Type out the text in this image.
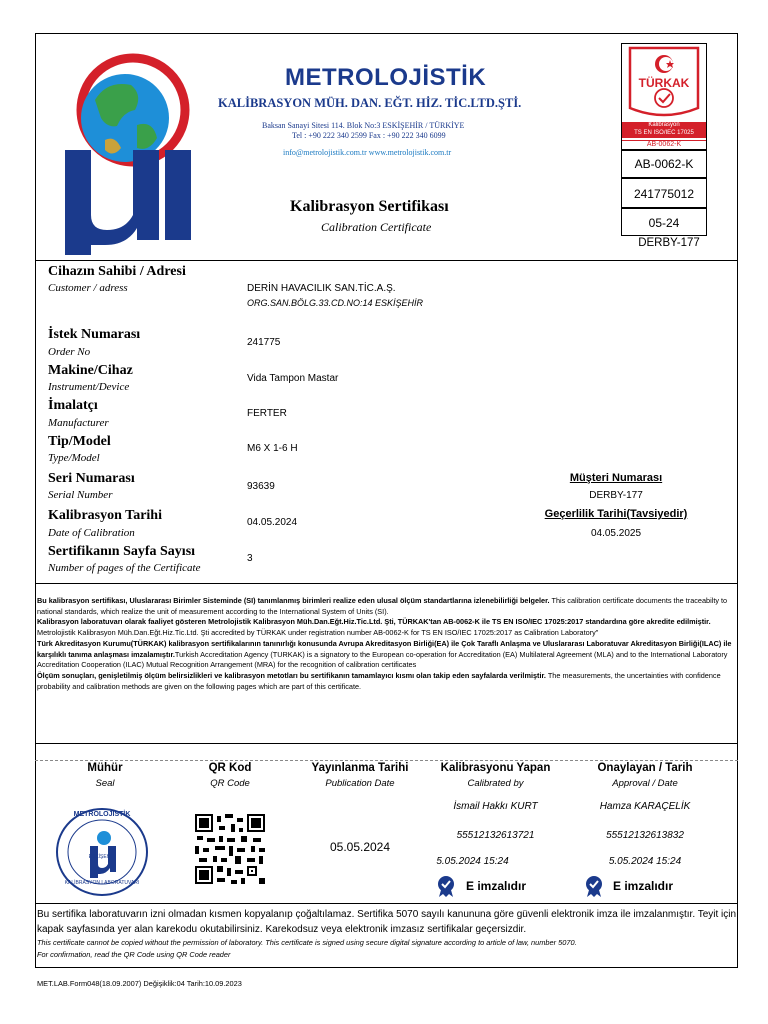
METROLOJİSTİK
KALİBRASYON MÜH. DAN. EĞT. HİZ. TİC.LTD.ŞTİ.
Baksan Sanayi Sitesi 114. Blok No:3 ESKİŞEHİR / TÜRKİYE
Tel : +90 222 340 2599 Fax : +90 222 340 6099
info@metrolojistik.com.tr www.metrolojistik.com.tr
Kalibrasyon Sertifikası
Calibration Certificate
TÜRKAK
Kalibrasyon
TS EN ISO/IEC 17025
AB-0062-K
AB-0062-K
241775012
05-24
DERBY-177
Cihazın Sahibi / Adresi
Customer / adress	DERİN HAVACILIK SAN.TİC.A.Ş.
ORG.SAN.BÖLG.33.CD.NO:14 ESKİŞEHİR
İstek Numarası
Order No
241775
Makine/Cihaz
Instrument/Device
Vida Tampon Mastar
İmalatçı
Manufacturer
FERTER
Tip/Model
Type/Model
M6 X 1-6 H
Seri Numarası
Serial Number
93639
Kalibrasyon Tarihi
Date of Calibration
04.05.2024
Sertifikanın Sayfa Sayısı
Number of pages of the Certificate
3
Müşteri Numarası
DERBY-177
Geçerlilik Tarihi(Tavsiyedir)
04.05.2025
Bu kalibrasyon sertifikası, Uluslararası Birimler Sisteminde (SI) tanımlanmış birimleri realize eden ulusal ölçüm standartlarına izlenebilirliği belgeler. This calibration certificate documents the traceabilty to national standards, which realize the unit of measurement according to the International System of Units (SI).
Kalibrasyon laboratuvarı olarak faaliyet gösteren Metrolojistik Kalibrasyon Müh.Dan.Eğt.Hiz.Tic.Ltd. Şti, TÜRKAK'tan AB-0062-K ile TS EN ISO/IEC 17025:2017 standardına göre akredite edilmiştir. Metrolojistik Kalibrasyon Müh.Dan.Eğt.Hiz.Tic.Ltd. Şti accredited by TÜRKAK under registration number AB-0062-K for TS EN ISO/IEC 17025:2017 as Calibration Laboratory"
Türk Akreditasyon Kurumu(TÜRKAK) kalibrasyon sertifikalarının tanınırlığı konusunda Avrupa Akreditasyon Birliği(EA) ile Çok Taraflı Anlaşma ve Uluslararası Laboratuvar Akreditasyon Birliği(ILAC) ile karşılıklı tanıma anlaşması imzalamıştır.Turkish Accreditation Agency (TURKAK) is a signatory to the European co-operation for Accreditation (EA) Multilateral Agreement (MLA) and to the International Laboratory Accreditation Cooperation (ILAC) Mutual Recognition Arrangement (MRA) for the recognition of calibration certificates
Ölçüm sonuçları, genişletilmiş ölçüm belirsizlikleri ve kalibrasyon metotları bu sertifikanın tamamlayıcı kısmı olan takip eden sayfalarda verilmiştir. The measurements, the uncertainties with confidence probability and calibration methods are given on the following pages which are part of this certificate.
Mühür
Seal
QR Kod
QR Code
Yayınlanma Tarihi
Publication Date
Kalibrasyonu Yapan
Calibrated by
Onaylayan / Tarih
Approval / Date
METROLOJİSTİK
ESKİŞEHİR
KALİBRASYON LABORATUVARI
05.05.2024
İsmail Hakkı KURT
55512132613721
5.05.2024 15:24
E imzalıdır
Hamza KARAÇELİK
55512132613832
5.05.2024 15:24
E imzalıdır
Bu sertifika laboratuvarın izni olmadan kısmen kopyalanıp çoğaltılamaz. Sertifika 5070 sayılı kanununa göre güvenli elektronik imza ile imzalanmıştır. Teyit için kapak sayfasında yer alan karekodu okutabilirsiniz. Karekodsuz veya elektronik imzasız sertifikalar geçersizdir.
This certificate cannot be copied without the permission of laboratory. This certificate is signed using secure digital signature according to article of law, number 5070.
For confirmation, read the QR Code using QR Code reader
MET.LAB.Form048(18.09.2007) Değişiklik:04 Tarih:10.09.2023
